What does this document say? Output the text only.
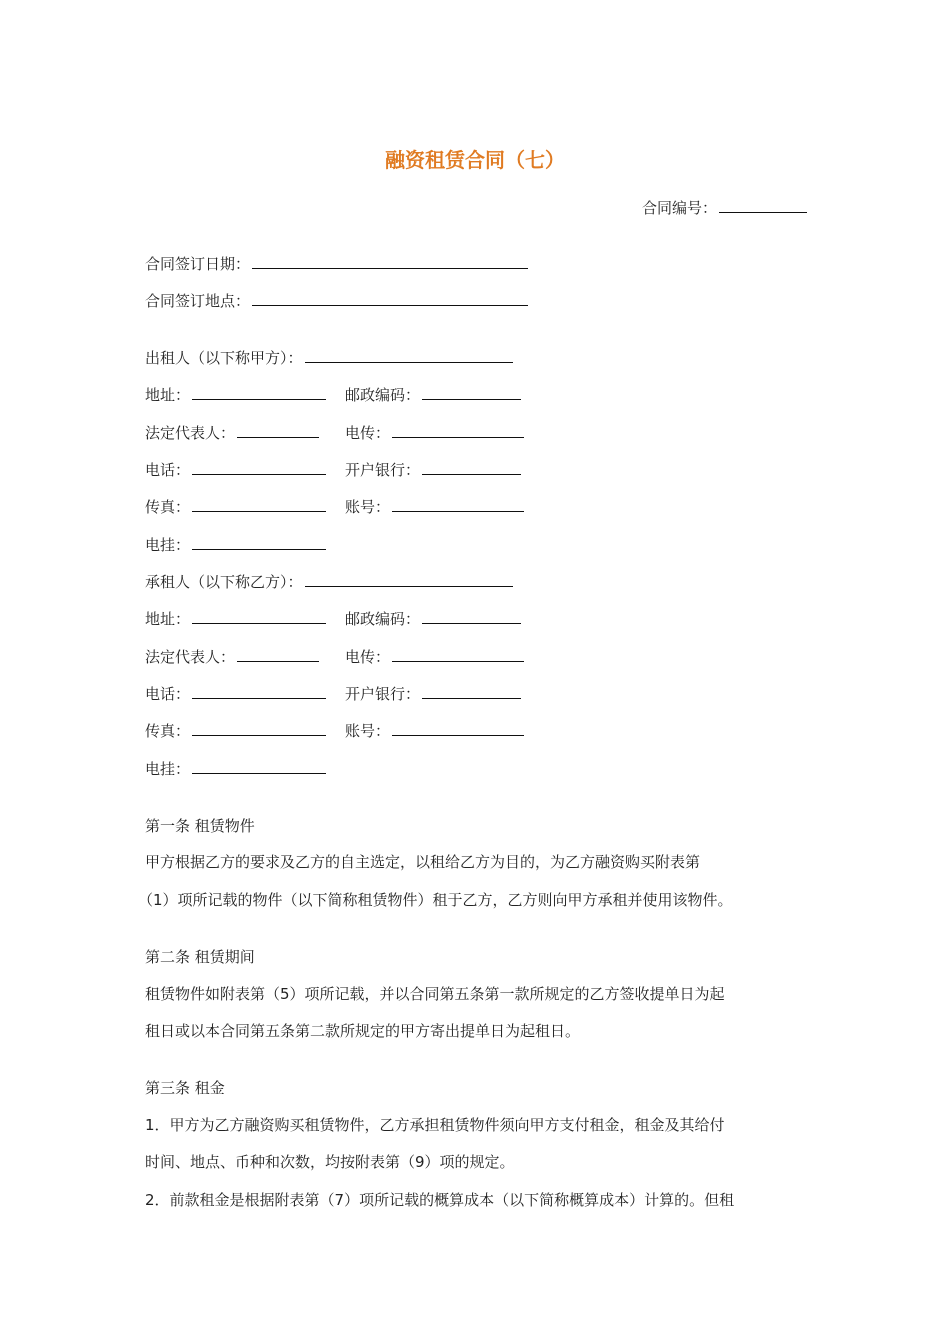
融资租赁合同（七）
合同编号：
合同签订日期：
合同签订地点：
出租人（以下称甲方）：
地址：	邮政编码：
法定代表人：	电传：
电话：	开户银行：
传真：	账号：
电挂：
承租人（以下称乙方）：
地址：	邮政编码：
法定代表人：	电传：
电话：	开户银行：
传真：	账号：
电挂：
第一条 租赁物件
甲方根据乙方的要求及乙方的自主选定，以租给乙方为目的，为乙方融资购买附表第
（1）项所记载的物件（以下简称租赁物件）租于乙方，乙方则向甲方承租并使用该物件。
第二条 租赁期间
租赁物件如附表第（5）项所记载，并以合同第五条第一款所规定的乙方签收提单日为起
租日或以本合同第五条第二款所规定的甲方寄出提单日为起租日。
第三条 租金
1．甲方为乙方融资购买租赁物件，乙方承担租赁物件须向甲方支付租金，租金及其给付
时间、地点、币种和次数，均按附表第（9）项的规定。
2．前款租金是根据附表第（7）项所记载的概算成本（以下简称概算成本）计算的。但租
